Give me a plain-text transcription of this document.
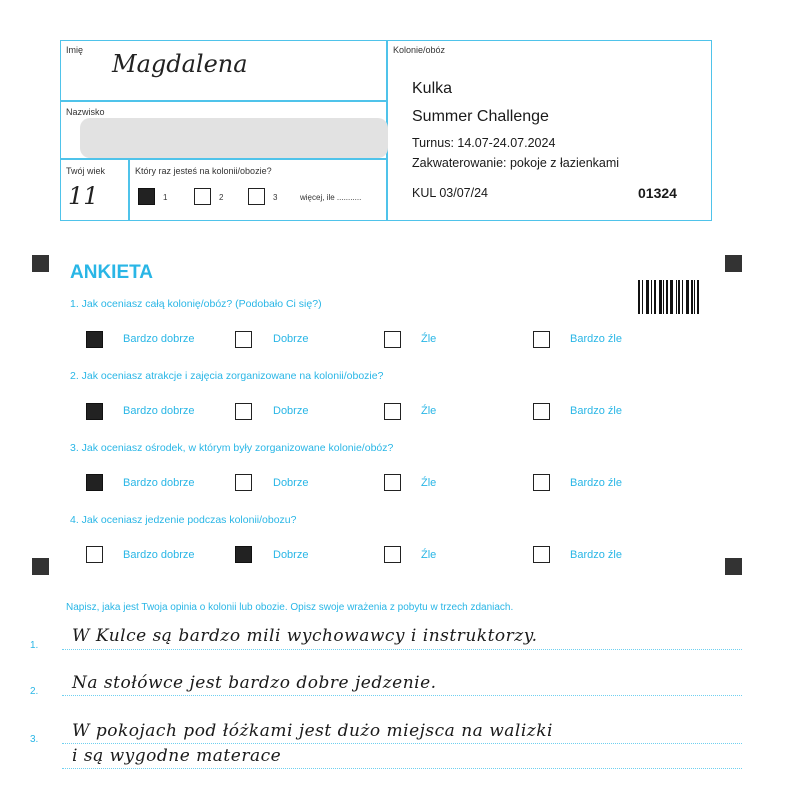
Imię Magdalena
Nazwisko
Twój wiek
11
Który raz jesteś na kolonii/obozie?
1	2	3	więcej, ile ...........
Kolonie/obóz
Kulka
Summer Challenge
Turnus: 14.07-24.07.2024
Zakwaterowanie: pokoje z łazienkami
KUL 03/07/24	01324
ANKIETA
1. Jak oceniasz całą kolonię/obóz? (Podobało Ci się?)
Bardzo dobrze	Dobrze	Źle	Bardzo źle
2. Jak oceniasz atrakcje i zajęcia zorganizowane na kolonii/obozie?
Bardzo dobrze	Dobrze	Źle	Bardzo źle
3. Jak oceniasz ośrodek, w którym były zorganizowane kolonie/obóz?
Bardzo dobrze	Dobrze	Źle	Bardzo źle
4. Jak oceniasz jedzenie podczas kolonii/obozu?
Bardzo dobrze	Dobrze	Źle	Bardzo źle
Napisz, jaka jest Twoja opinia o kolonii lub obozie. Opisz swoje wrażenia z pobytu w trzech zdaniach.
1. W Kulce są bardzo mili wychowawcy i instruktorzy.
2. Na stołówce jest bardzo dobre jedzenie.
3. W pokojach pod łóżkami jest dużo miejsca na walizki
i są wygodne materace
